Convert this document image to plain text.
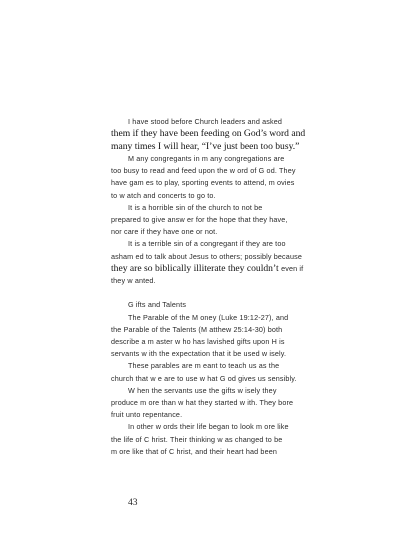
I have stood before Church leaders and asked
them if they have been feeding on God’s word and
many times I will hear, “I’ve just been too busy.”
M any congregants in m any congregations are
too busy to read and feed upon the w ord of G od. They
have gam es to play, sporting events to attend, m ovies
to w atch and concerts to go to.
It is a horrible sin of the church to not be
prepared to give answ er for the hope that they have,
nor care if they have one or not.
It is a terrible sin of a congregant if they are too
asham ed to talk about Jesus to others; possibly because
they are so biblically illiterate they couldn’t even if
they w anted.
G ifts and Talents
The Parable of the M oney (Luke 19:12-27), and
the Parable of the Talents (M atthew 25:14-30) both
describe a m aster w ho has lavished gifts upon H is
servants w ith the expectation that it be used w isely.
These parables are m eant to teach us as the
church that w e are to use w hat G od gives us sensibly.
W hen the servants use the gifts w isely they
produce m ore than w hat they started w ith. They bore
fruit unto repentance.
In other w ords their life began to look m ore like
the life of C hrist. Their thinking w as changed to be
m ore like that of C hrist, and their heart had been
43
